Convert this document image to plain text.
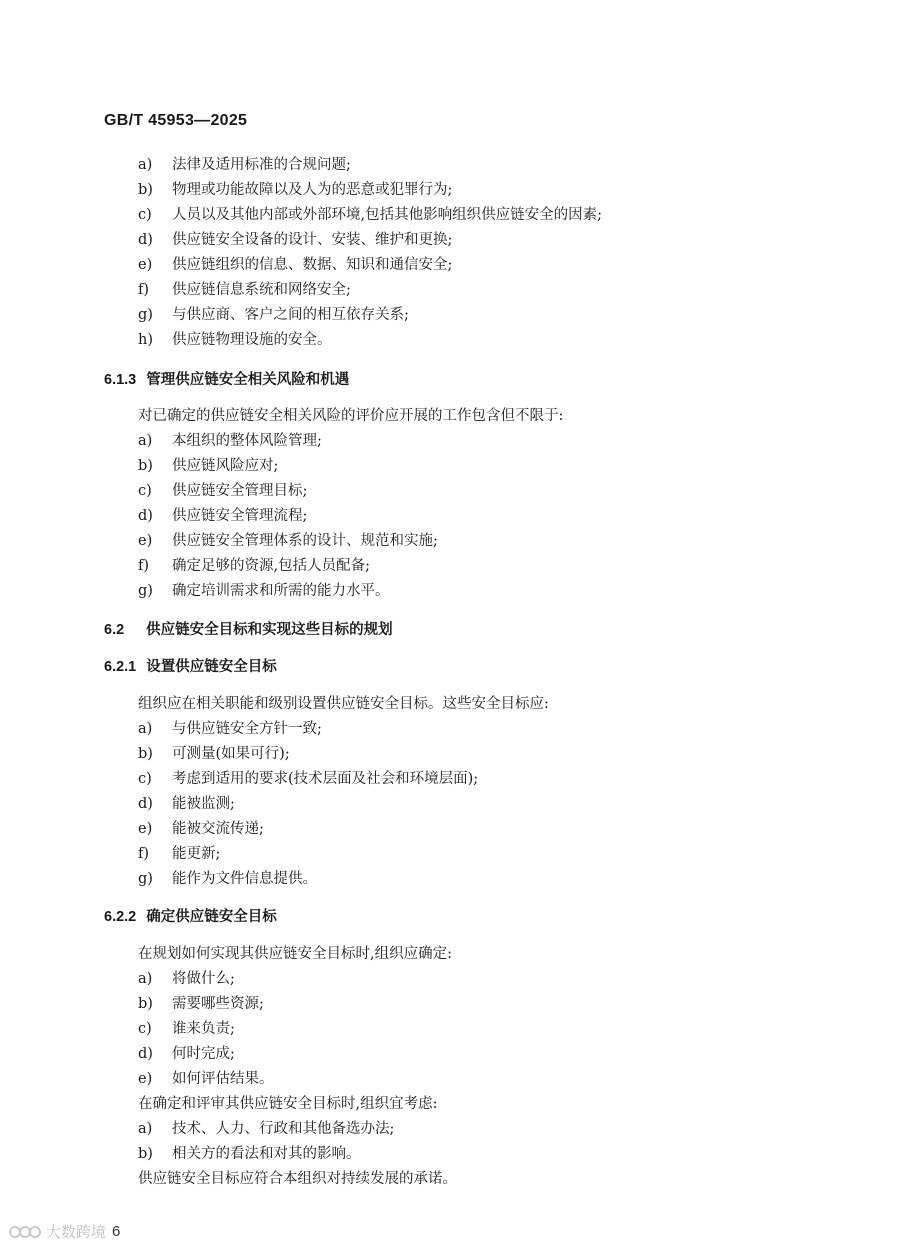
GB/T 45953—2025
a) 法律及适用标准的合规问题;
b) 物理或功能故障以及人为的恶意或犯罪行为;
c) 人员以及其他内部或外部环境,包括其他影响组织供应链安全的因素;
d) 供应链安全设备的设计、安装、维护和更换;
e) 供应链组织的信息、数据、知识和通信安全;
f) 供应链信息系统和网络安全;
g) 与供应商、客户之间的相互依存关系;
h) 供应链物理设施的安全。
6.1.3 管理供应链安全相关风险和机遇
对已确定的供应链安全相关风险的评价应开展的工作包含但不限于:
a) 本组织的整体风险管理;
b) 供应链风险应对;
c) 供应链安全管理目标;
d) 供应链安全管理流程;
e) 供应链安全管理体系的设计、规范和实施;
f) 确定足够的资源,包括人员配备;
g) 确定培训需求和所需的能力水平。
6.2 供应链安全目标和实现这些目标的规划
6.2.1 设置供应链安全目标
组织应在相关职能和级别设置供应链安全目标。这些安全目标应:
a) 与供应链安全方针一致;
b) 可测量(如果可行);
c) 考虑到适用的要求(技术层面及社会和环境层面);
d) 能被监测;
e) 能被交流传递;
f) 能更新;
g) 能作为文件信息提供。
6.2.2 确定供应链安全目标
在规划如何实现其供应链安全目标时,组织应确定:
a) 将做什么;
b) 需要哪些资源;
c) 谁来负责;
d) 何时完成;
e) 如何评估结果。
在确定和评审其供应链安全目标时,组织宜考虑:
a) 技术、人力、行政和其他备选办法;
b) 相关方的看法和对其的影响。
供应链安全目标应符合本组织对持续发展的承诺。
大数跨境 6
